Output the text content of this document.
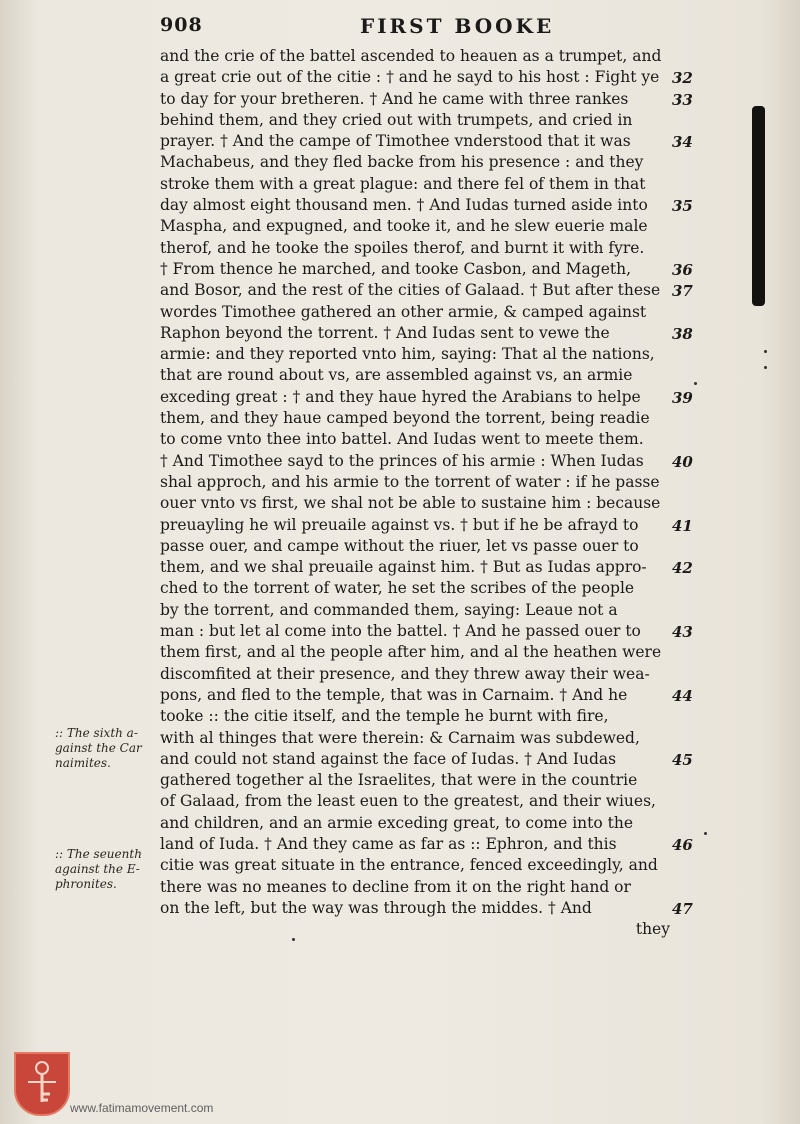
908	FIRST BOOKE
and the crie of the battel ascended to heauen as a trumpet, and
a great crie out of the citie : † and he sayd to his host : Fight ye
to day for your bretheren. † And he came with three rankes
behind them, and they cried out with trumpets, and cried in
prayer. † And the campe of Timothee vnderstood that it was
Machabeus, and they fled backe from his presence : and they
stroke them with a great plague: and there fel of them in that
day almost eight thousand men. † And Iudas turned aside into
Maspha, and expugned, and tooke it, and he slew euerie male
therof, and he tooke the spoiles therof, and burnt it with fyre.
† From thence he marched, and tooke Casbon, and Mageth,
and Bosor, and the rest of the cities of Galaad. † But after these
wordes Timothee gathered an other armie, & camped against
Raphon beyond the torrent. † And Iudas sent to vewe the
armie: and they reported vnto him, saying: That al the nations,
that are round about vs, are assembled against vs, an armie
exceding great : † and they haue hyred the Arabians to helpe
them, and they haue camped beyond the torrent, being readie
to come vnto thee into battel. And Iudas went to meete them.
† And Timothee sayd to the princes of his armie : When Iudas
shal approch, and his armie to the torrent of water : if he passe
ouer vnto vs first, we shal not be able to sustaine him : because
preuayling he wil preuaile against vs. † but if he be afrayd to
passe ouer, and campe without the riuer, let vs passe ouer to
them, and we shal preuaile against him. † But as Iudas appro-
ched to the torrent of water, he set the scribes of the people
by the torrent, and commanded them, saying: Leaue not a
man : but let al come into the battel. † And he passed ouer to
them first, and al the people after him, and al the heathen were
discomfited at their presence, and they threw away their wea-
pons, and fled to the temple, that was in Carnaim. † And he
tooke :: the citie itself, and the temple he burnt with fire,
with al thinges that were therein: & Carnaim was subdewed,
and could not stand against the face of Iudas. † And Iudas
gathered together al the Israelites, that were in the countrie
of Galaad, from the least euen to the greatest, and their wiues,
and children, and an armie exceding great, to come into the
land of Iuda. † And they came as far as :: Ephron, and this
citie was great situate in the entrance, fenced exceedingly, and
there was no meanes to decline from it on the right hand or
on the left, but the way was through the middes. † And
they
32
33
34
35
36
37
38
39
40
41
42
43
44
45
46
47
:: The sixth a-gainst the Car naimites.
:: The seuenth against the E-phronites.
www.fatimamovement.com
